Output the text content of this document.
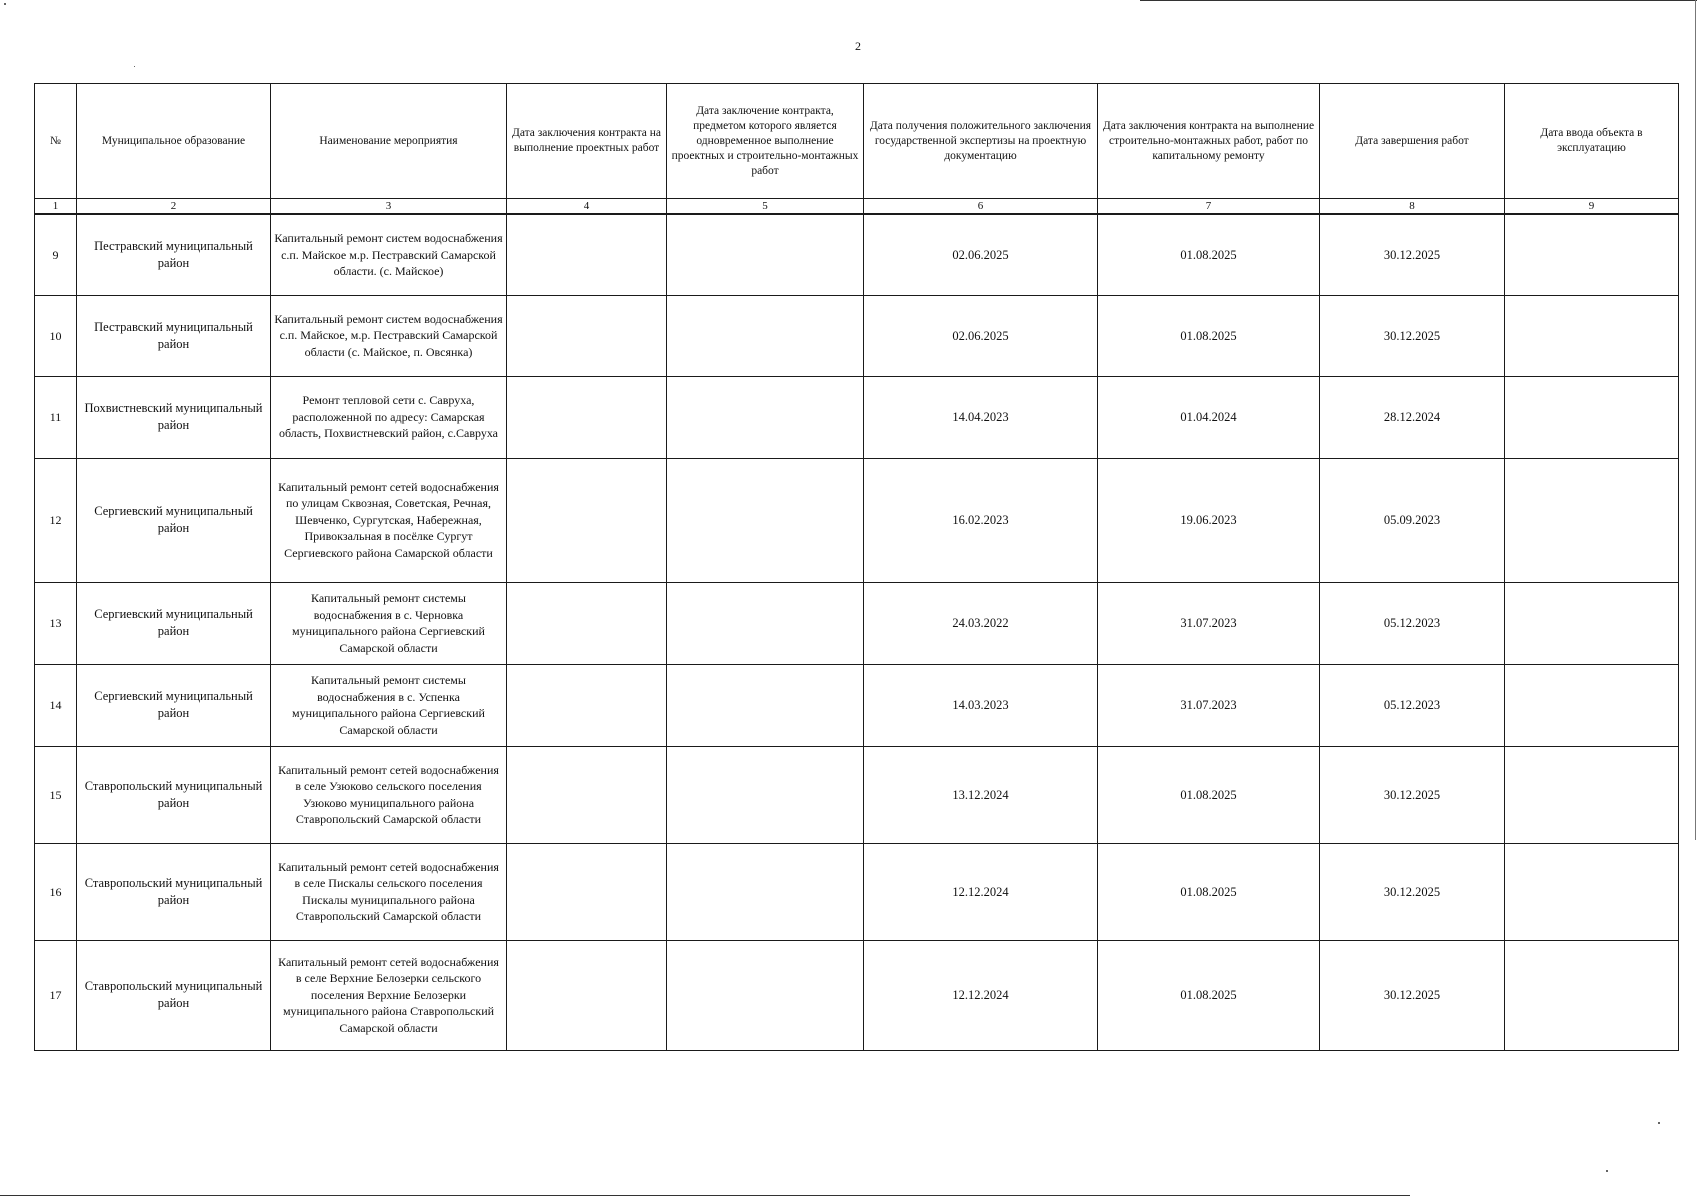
2
№	Муниципальное образование	Наименование мероприятия	Дата заключения контракта на выполнение проектных работ	Дата заключение контракта, предметом которого является одновременное выполнение проектных и строительно-монтажных работ	Дата получения положительного заключения государственной экспертизы на проектную документацию	Дата заключения контракта на выполнение строительно-монтажных работ, работ по капитальному ремонту	Дата завершения работ	Дата ввода объекта в эксплуатацию
1	2	3	4	5	6	7	8	9
9	Пестравский муниципальный район	Капитальный ремонт систем водоснабжения с.п. Майское м.р. Пестравский Самарской области. (с. Майское)			02.06.2025	01.08.2025	30.12.2025	
10	Пестравский муниципальный район	Капитальный ремонт систем водоснабжения с.п. Майское, м.р. Пестравский Самарской области (с. Майское, п. Овсянка)			02.06.2025	01.08.2025	30.12.2025	
11	Похвистневский муниципальный район	Ремонт тепловой сети с. Савруха, расположенной по адресу: Самарская область, Похвистневский район, с.Савруха			14.04.2023	01.04.2024	28.12.2024	
12	Сергиевский муниципальный район	Капитальный ремонт сетей водоснабжения по улицам Сквозная, Советская, Речная, Шевченко, Сургутская, Набережная, Привокзальная в посёлке Сургут Сергиевского района Самарской области			16.02.2023	19.06.2023	05.09.2023	
13	Сергиевский муниципальный район	Капитальный ремонт системы водоснабжения в с. Черновка муниципального района Сергиевский Самарской области			24.03.2022	31.07.2023	05.12.2023	
14	Сергиевский муниципальный район	Капитальный ремонт системы водоснабжения в с. Успенка муниципального района Сергиевский Самарской области			14.03.2023	31.07.2023	05.12.2023	
15	Ставропольский муниципальный район	Капитальный ремонт сетей водоснабжения в селе Узюково сельского поселения Узюково муниципального района Ставропольский Самарской области			13.12.2024	01.08.2025	30.12.2025	
16	Ставропольский муниципальный район	Капитальный ремонт сетей водоснабжения в селе Пискалы сельского поселения Пискалы муниципального района Ставропольский Самарской области			12.12.2024	01.08.2025	30.12.2025	
17	Ставропольский муниципальный район	Капитальный ремонт сетей водоснабжения в селе Верхние Белозерки сельского поселения Верхние Белозерки муниципального района Ставропольский Самарской области			12.12.2024	01.08.2025	30.12.2025	
